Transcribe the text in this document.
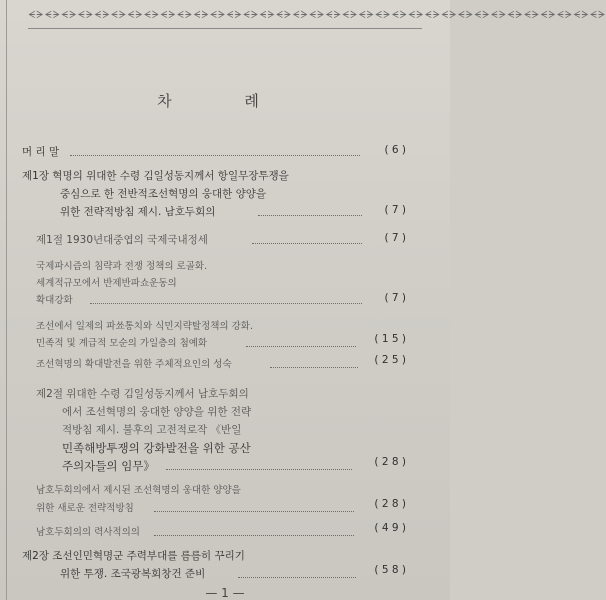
ᗕᗒᗕᗒᗕᗒᗕᗒᗕᗒᗕᗒᗕᗒᗕᗒᗕᗒᗕᗒᗕᗒᗕᗒᗕᗒᗕᗒᗕᗒᗕᗒᗕᗒᗕᗒᗕᗒᗕᗒᗕᗒᗕᗒᗕᗒᗕᗒᗕᗒᗕᗒᗕᗒᗕᗒᗕᗒᗕᗒᗕᗒᗕᗒᗕᗒᗕᗒᗕᗒ
차 례
머 리 말	( 6 )
제1장 혁명의 위대한 수령 김일성동지께서 항일무장투쟁을
중심으로 한 전반적조선혁명의 웅대한 양양을
위한 전략적방침 제시. 남호두회의	( 7 )
제1절 1930년대중엽의 국제국내정세	( 7 )
국제파시즘의 침략과 전쟁 정책의 로골화.
세계적규모에서 반제반파쇼운동의
확대강화	( 7 )
조선에서 일제의 파쑈통치와 식민지략탈정책의 강화.
민족적 및 계급적 모순의 가일층의 첨예화	( 1 5 )
조선혁명의 확대발전을 위한 주체적요인의 성숙	( 2 5 )
제2절 위대한 수령 김일성동지께서 남호두회의
에서 조선혁명의 웅대한 양양을 위한 전략
적방침 제시. 불후의 고전적로작 《반일
민족해방투쟁의 강화발전을 위한 공산
주의자들의 임무》	( 2 8 )
남호두회의에서 제시된 조선혁명의 웅대한 양양을
위한 새로운 전략적방침	( 2 8 )
남호두회의의 력사적의의	( 4 9 )
제2장 조선인민혁명군 주력부대를 름름히 꾸리기
위한 투쟁. 조국광복회창건 준비	( 5 8 )
— 1 —
